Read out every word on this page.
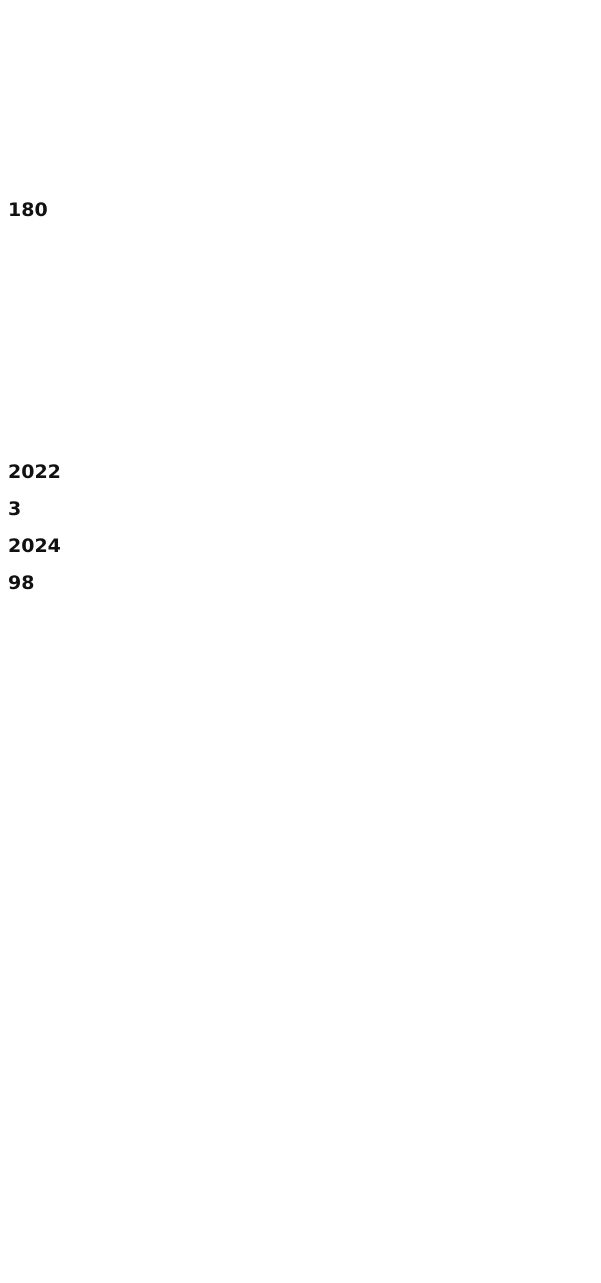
180
2022
3
2024
98
